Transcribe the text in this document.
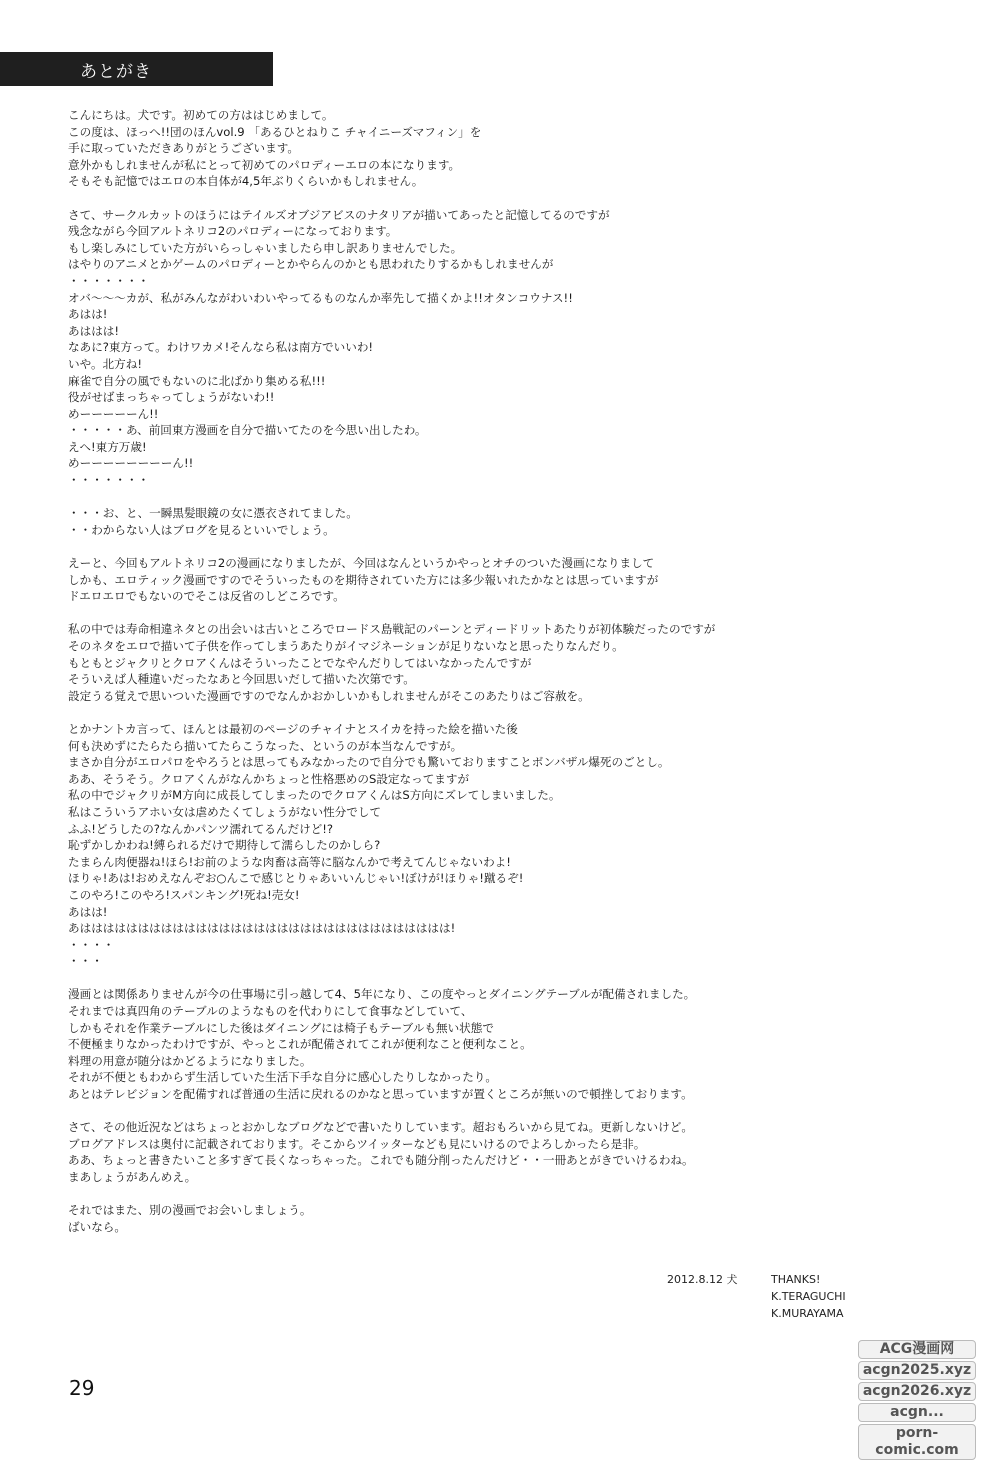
あとがき
こんにちは。犬です。初めての方ははじめまして。
この度は、ほっへ!!団のほんvol.9 「あるひとねりこ チャイニーズマフィン」を
手に取っていただきありがとうございます。
意外かもしれませんが私にとって初めてのパロディーエロの本になります。
そもそも記憶ではエロの本自体が4,5年ぶりくらいかもしれません。
さて、サークルカットのほうにはテイルズオブジアビスのナタリアが描いてあったと記憶してるのですが
残念ながら今回アルトネリコ2のパロディーになっております。
もし楽しみにしていた方がいらっしゃいましたら申し訳ありませんでした。
はやりのアニメとかゲームのパロディーとかやらんのかとも思われたりするかもしれませんが
・・・・・・・
オバ～～～カが、私がみんながわいわいやってるものなんか率先して描くかよ!!オタンコウナス!!
あはは!
あははは!
なあに?東方って。わけワカメ!そんなら私は南方でいいわ!
いや。北方ね!
麻雀で自分の風でもないのに北ばかり集める私!!!
役がせばまっちゃってしょうがないわ!!
めーーーーーん!!
・・・・・あ、前回東方漫画を自分で描いてたのを今思い出したわ。
えへ!東方万歳!
めーーーーーーーーん!!
・・・・・・・
・・・お、と、一瞬黒髪眼鏡の女に憑衣されてました。
・・わからない人はブログを見るといいでしょう。
えーと、今回もアルトネリコ2の漫画になりましたが、今回はなんというかやっとオチのついた漫画になりまして
しかも、エロティック漫画ですのでそういったものを期待されていた方には多少報いれたかなとは思っていますが
ドエロエロでもないのでそこは反省のしどころです。
私の中では寿命相違ネタとの出会いは古いところでロードス島戦記のパーンとディードリットあたりが初体験だったのですが
そのネタをエロで描いて子供を作ってしまうあたりがイマジネーションが足りないなと思ったりなんだり。
もともとジャクリとクロアくんはそういったことでなやんだりしてはいなかったんですが
そういえば人種違いだったなあと今回思いだして描いた次第です。
設定うる覚えで思いついた漫画ですのでなんかおかしいかもしれませんがそこのあたりはご容赦を。
とかナントカ言って、ほんとは最初のページのチャイナとスイカを持った絵を描いた後
何も決めずにたらたら描いてたらこうなった、というのが本当なんですが。
まさか自分がエロパロをやろうとは思ってもみなかったので自分でも驚いておりますことボンバザル爆死のごとし。
ああ、そうそう。クロアくんがなんかちょっと性格悪めのS設定なってますが
私の中でジャクリがM方向に成長してしまったのでクロアくんはS方向にズレてしまいました。
私はこういうアホい女は虐めたくてしょうがない性分でして
ふふ!どうしたの?なんかパンツ濡れてるんだけど!?
恥ずかしかわね!縛られるだけで期待して濡らしたのかしら?
たまらん肉便器ね!ほら!お前のような肉畜は高等に脳なんかで考えてんじゃないわよ!
ほりゃ!あは!おめえなんぞお○んこで感じとりゃあいいんじゃい!ぼけが!ほりゃ!蹴るぞ!
このやろ!このやろ!スパンキング!死ね!売女!
あはは!
あはははははははははははははははははははははははははははははははは!
・・・・
・・・
漫画とは関係ありませんが今の仕事場に引っ越して4、5年になり、この度やっとダイニングテーブルが配備されました。
それまでは真四角のテーブルのようなものを代わりにして食事などしていて、
しかもそれを作業テーブルにした後はダイニングには椅子もテーブルも無い状態で
不便極まりなかったわけですが、やっとこれが配備されてこれが便利なこと便利なこと。
料理の用意が随分はかどるようになりました。
それが不便ともわからず生活していた生活下手な自分に感心したりしなかったり。
あとはテレビジョンを配備すれば普通の生活に戻れるのかなと思っていますが置くところが無いので頓挫しております。
さて、その他近況などはちょっとおかしなブログなどで書いたりしています。超おもろいから見てね。更新しないけど。
ブログアドレスは奥付に記載されております。そこからツイッターなども見にいけるのでよろしかったら是非。
ああ、ちょっと書きたいこと多すぎて長くなっちゃった。これでも随分削ったんだけど・・一冊あとがきでいけるわね。
まあしょうがあんめえ。
それではまた、別の漫画でお会いしましょう。
ばいなら。
2012.8.12 犬	THANKS!
K.TERAGUCHI
K.MURAYAMA
29
ACG漫画网
acgn2025.xyz
acgn2026.xyz
acgn...
porn-comic.com
